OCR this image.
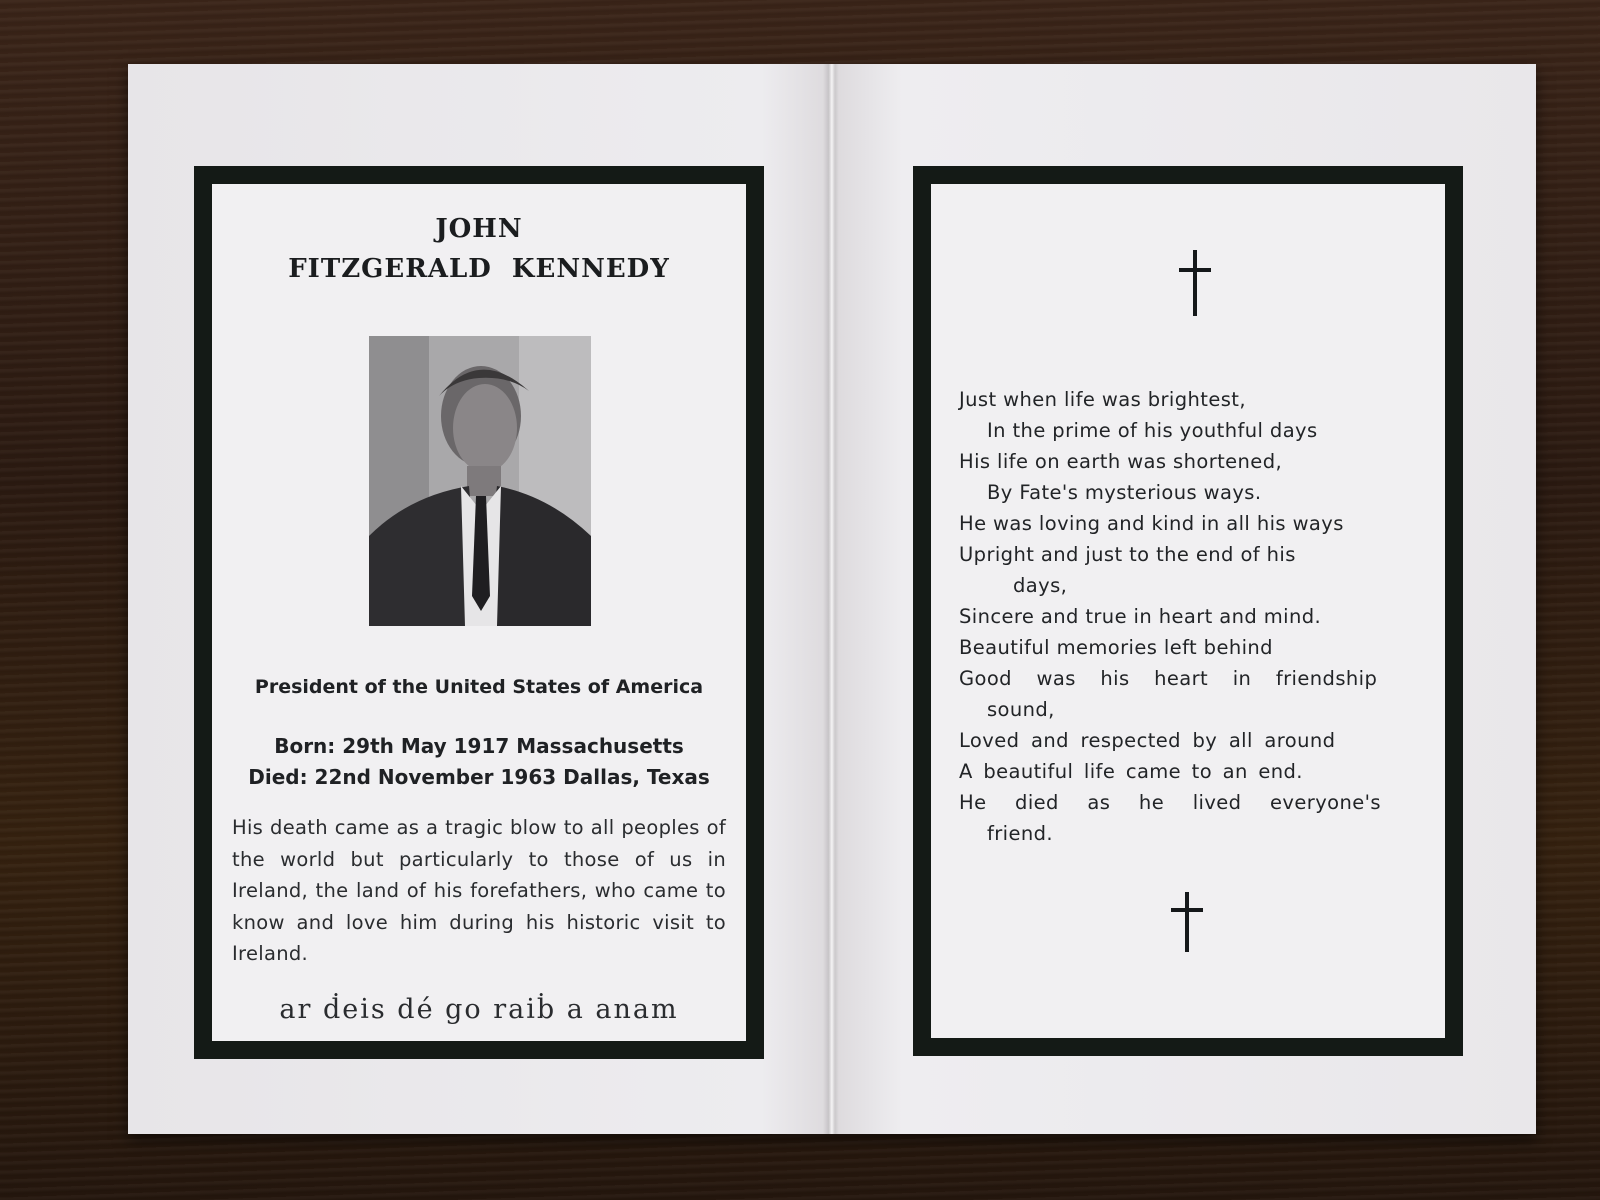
JOHN
FITZGERALD  KENNEDY
President of the United States of America
Born: 29th May 1917 Massachusetts
Died: 22nd November 1963 Dallas, Texas
His death came as a tragic blow to all peoples of the world but particularly to those of us in Ireland, the land of his forefathers, who came to know and love him during his historic visit to Ireland.
ar ḋeis dé go raiḃ a anam
Just when life was brightest,
In the prime of his youthful days
His life on earth was shortened,
By Fate's mysterious ways.
He was loving and kind in all his ways
Upright and just to the end of his
days,
Sincere and true in heart and mind.
Beautiful memories left behind
Good was his heart in friendship
sound,
Loved and respected by all around
A beautiful life came to an end.
He died as he lived everyone's
friend.
